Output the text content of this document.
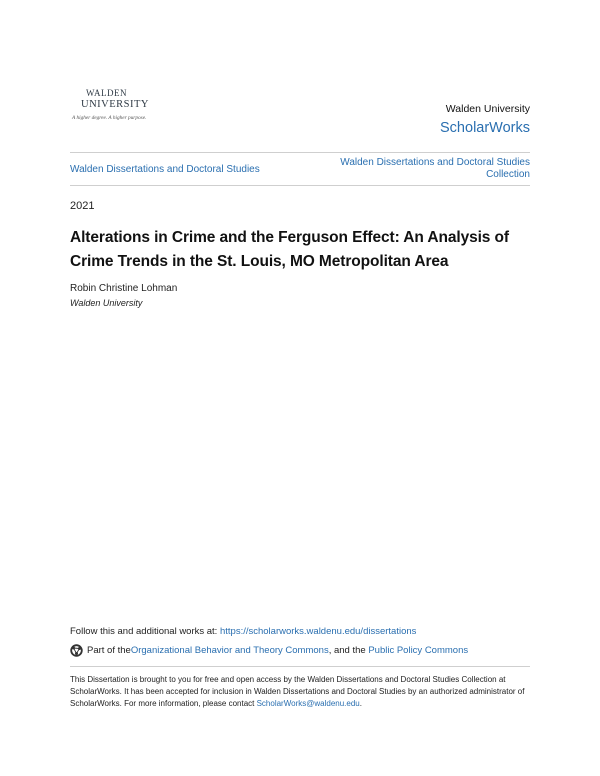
WALDEN
UNIVERSITY
A higher degree. A higher purpose.
Walden University
ScholarWorks
Walden Dissertations and Doctoral Studies
Walden Dissertations and Doctoral Studies Collection
2021
Alterations in Crime and the Ferguson Effect: An Analysis of Crime Trends in the St. Louis, MO Metropolitan Area
Robin Christine Lohman
Walden University
Follow this and additional works at: https://scholarworks.waldenu.edu/dissertations
Part of the Organizational Behavior and Theory Commons , and the Public Policy Commons
This Dissertation is brought to you for free and open access by the Walden Dissertations and Doctoral Studies Collection at ScholarWorks. It has been accepted for inclusion in Walden Dissertations and Doctoral Studies by an authorized administrator of ScholarWorks. For more information, please contact ScholarWorks@waldenu.edu.
